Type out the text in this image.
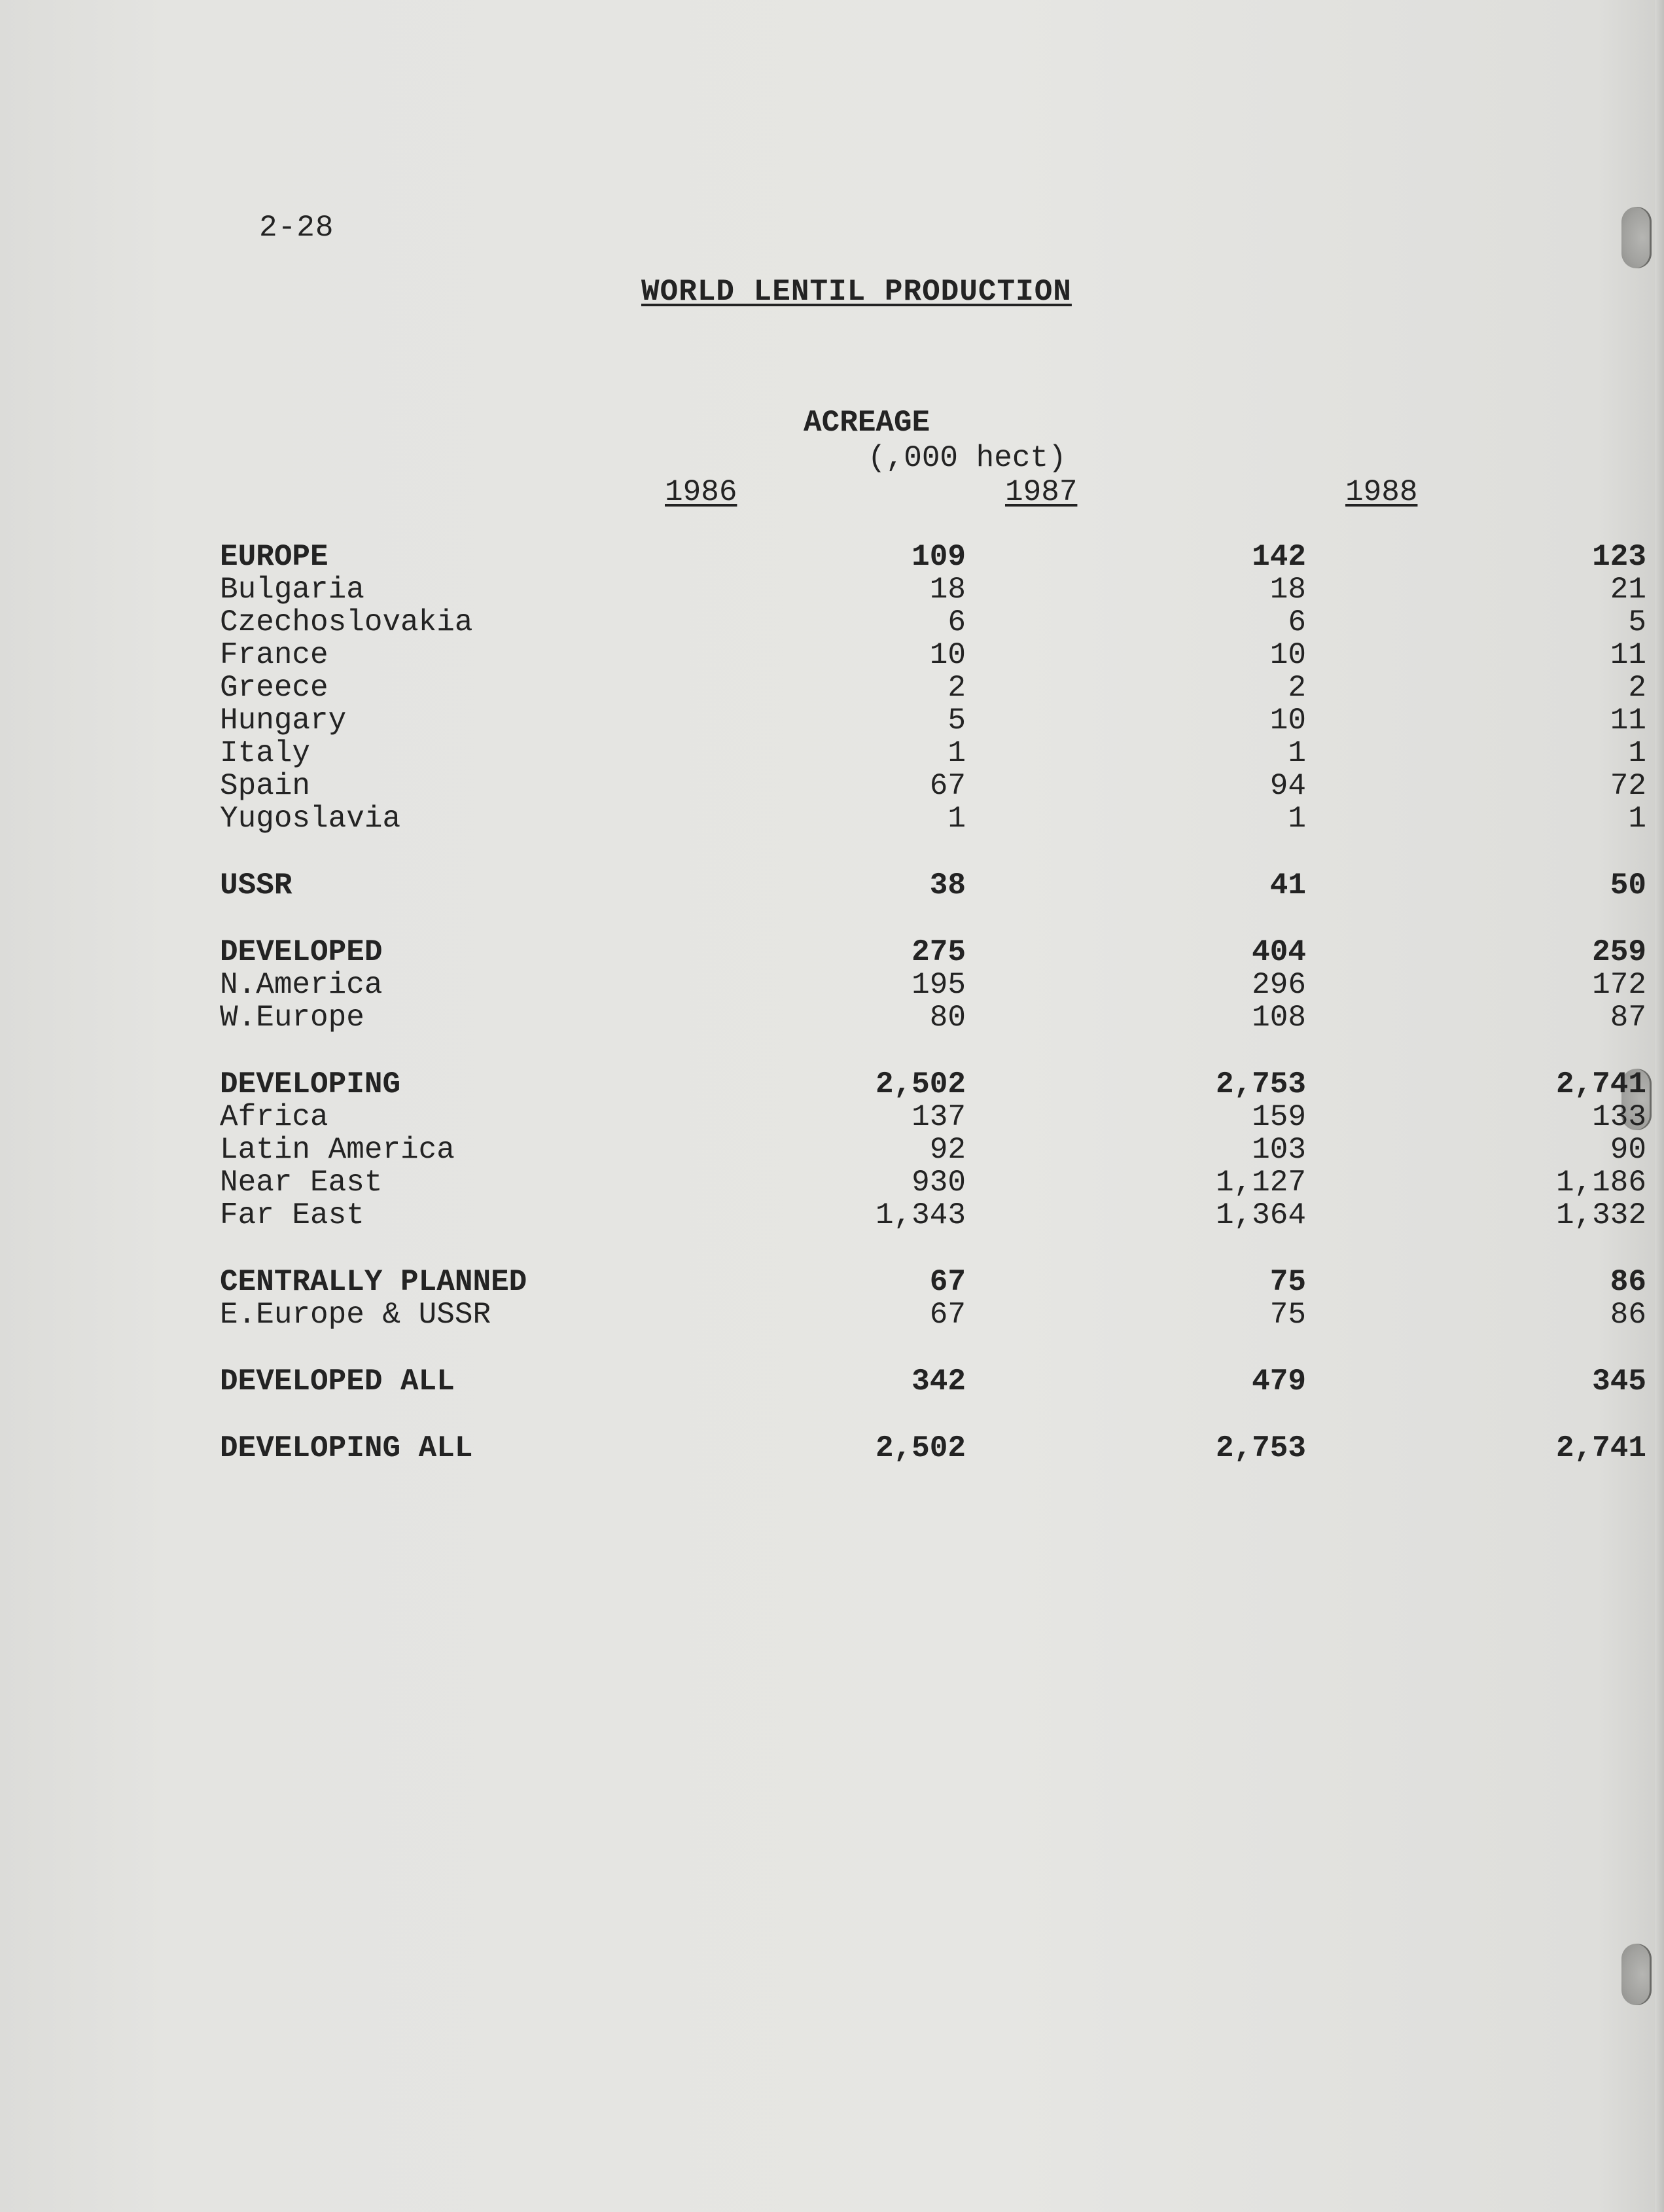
2-28
WORLD LENTIL PRODUCTION
ACREAGE
(,000 hect)
1986	1987	1988
EUROPE	109	142	123
Bulgaria	18	18	21
Czechoslovakia	6	6	5
France	10	10	11
Greece	2	2	2
Hungary	5	10	11
Italy	1	1	1
Spain	67	94	72
Yugoslavia	1	1	1
USSR	38	41	50
DEVELOPED	275	404	259
N.America	195	296	172
W.Europe	80	108	87
DEVELOPING	2,502	2,753	2,741
Africa	137	159	133
Latin America	92	103	90
Near East	930	1,127	1,186
Far East	1,343	1,364	1,332
CENTRALLY PLANNED	67	75	86
E.Europe & USSR	67	75	86
DEVELOPED ALL	342	479	345
DEVELOPING ALL	2,502	2,753	2,741
